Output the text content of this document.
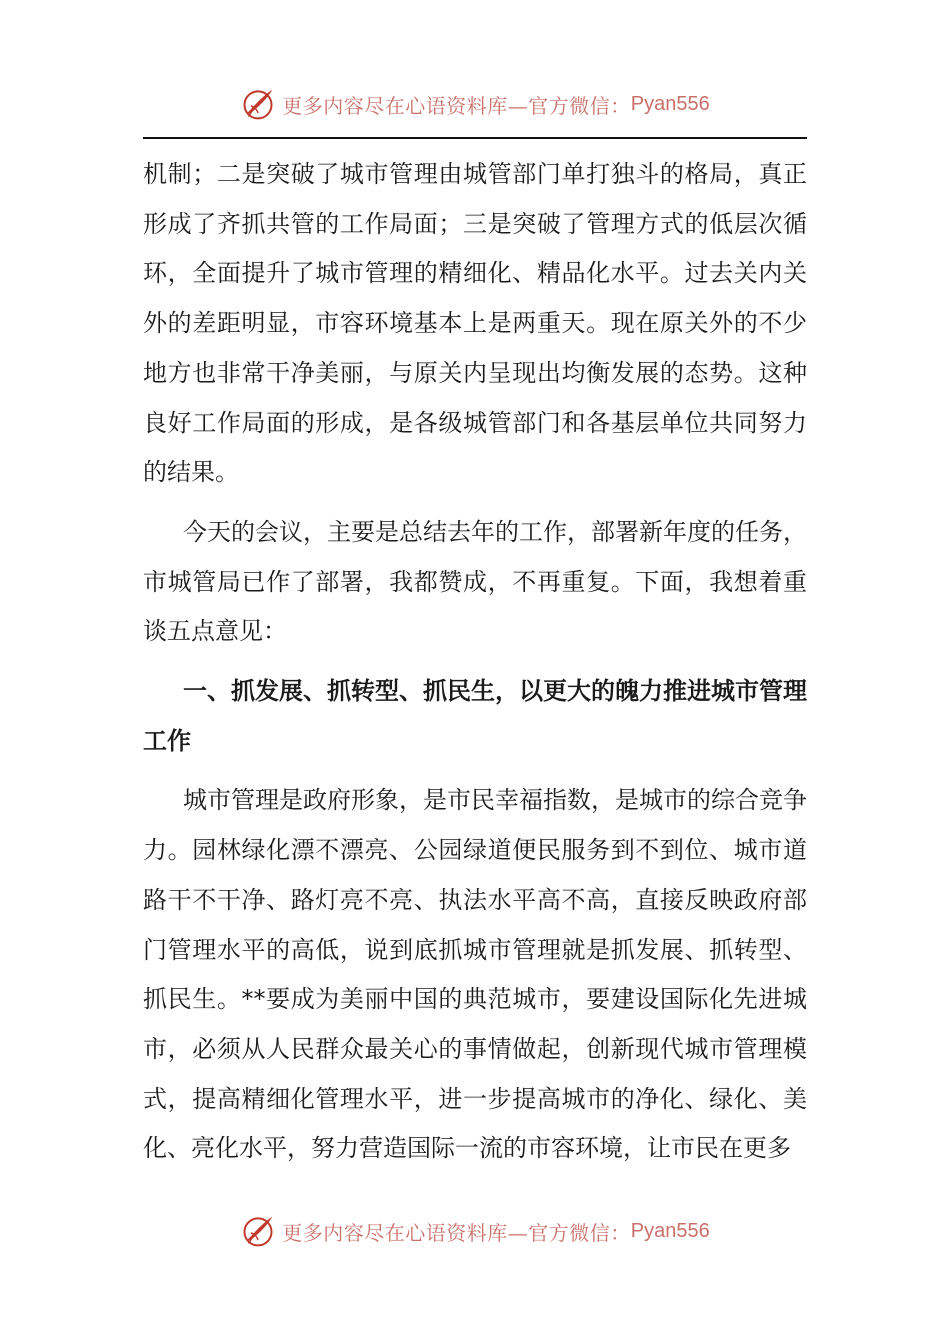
更多内容尽在心语资料库—官方微信： Pyan556

机制；二是突破了城市管理由城管部门单打独斗的格局，真正形成了齐抓共管的工作局面；三是突破了管理方式的低层次循环，全面提升了城市管理的精细化、精品化水平。过去关内关外的差距明显，市容环境基本上是两重天。现在原关外的不少地方也非常干净美丽，与原关内呈现出均衡发展的态势。这种良好工作局面的形成，是各级城管部门和各基层单位共同努力的结果。

今天的会议，主要是总结去年的工作，部署新年度的任务，市城管局已作了部署，我都赞成，不再重复。下面，我想着重谈五点意见：

一、抓发展、抓转型、抓民生，以更大的魄力推进城市管理工作

城市管理是政府形象，是市民幸福指数，是城市的综合竞争力。园林绿化漂不漂亮、公园绿道便民服务到不到位、城市道路干不干净、路灯亮不亮、执法水平高不高，直接反映政府部门管理水平的高低，说到底抓城市管理就是抓发展、抓转型、抓民生。**要成为美丽中国的典范城市，要建设国际化先进城市，必须从人民群众最关心的事情做起，创新现代城市管理模式，提高精细化管理水平，进一步提高城市的净化、绿化、美化、亮化水平，努力营造国际一流的市容环境，让市民在更多

更多内容尽在心语资料库—官方微信： Pyan556
